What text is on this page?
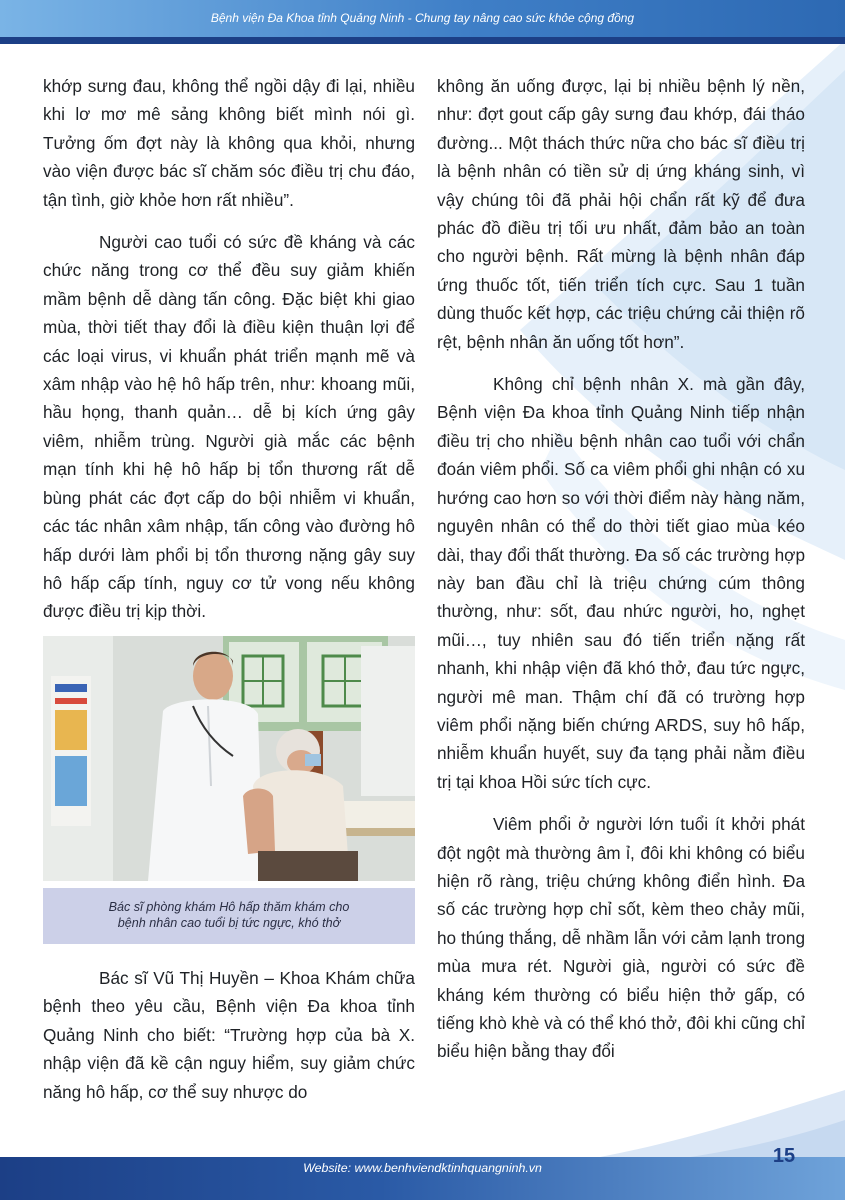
Bệnh viện Đa Khoa tỉnh Quảng Ninh - Chung tay nâng cao sức khỏe cộng đồng

khớp sưng đau, không thể ngồi dậy đi lại, nhiều khi lơ mơ mê sảng không biết mình nói gì. Tưởng ốm đợt này là không qua khỏi, nhưng vào viện được bác sĩ chăm sóc điều trị chu đáo, tận tình, giờ khỏe hơn rất nhiều”.

Người cao tuổi có sức đề kháng và các chức năng trong cơ thể đều suy giảm khiến mầm bệnh dễ dàng tấn công. Đặc biệt khi giao mùa, thời tiết thay đổi là điều kiện thuận lợi để các loại virus, vi khuẩn phát triển mạnh mẽ và xâm nhập vào hệ hô hấp trên, như: khoang mũi, hầu họng, thanh quản… dễ bị kích ứng gây viêm, nhiễm trùng. Người già mắc các bệnh mạn tính khi hệ hô hấp bị tổn thương rất dễ bùng phát các đợt cấp do bội nhiễm vi khuẩn, các tác nhân xâm nhập, tấn công vào đường hô hấp dưới làm phổi bị tổn thương nặng gây suy hô hấp cấp tính, nguy cơ tử vong nếu không được điều trị kịp thời.

Bác sĩ phòng khám Hô hấp thăm khám cho
bệnh nhân cao tuổi bị tức ngực, khó thở

Bác sĩ Vũ Thị Huyền – Khoa Khám chữa bệnh theo yêu cầu, Bệnh viện Đa khoa tỉnh Quảng Ninh cho biết: “Trường hợp của bà X. nhập viện đã kề cận nguy hiểm, suy giảm chức năng hô hấp, cơ thể suy nhược do

không ăn uống được, lại bị nhiều bệnh lý nền, như: đợt gout cấp gây sưng đau khớp, đái tháo đường... Một thách thức nữa cho bác sĩ điều trị là bệnh nhân có tiền sử dị ứng kháng sinh, vì vậy chúng tôi đã phải hội chẩn rất kỹ để đưa phác đồ điều trị tối ưu nhất, đảm bảo an toàn cho người bệnh. Rất mừng là bệnh nhân đáp ứng thuốc tốt, tiến triển tích cực. Sau 1 tuần dùng thuốc kết hợp, các triệu chứng cải thiện rõ rệt, bệnh nhân ăn uống tốt hơn”.

Không chỉ bệnh nhân X. mà gần đây, Bệnh viện Đa khoa tỉnh Quảng Ninh tiếp nhận điều trị cho nhiều bệnh nhân cao tuổi với chẩn đoán viêm phổi. Số ca viêm phổi ghi nhận có xu hướng cao hơn so với thời điểm này hàng năm, nguyên nhân có thể do thời tiết giao mùa kéo dài, thay đổi thất thường. Đa số các trường hợp này ban đầu chỉ là triệu chứng cúm thông thường, như: sốt, đau nhức người, ho, nghẹt mũi…, tuy nhiên sau đó tiến triển nặng rất nhanh, khi nhập viện đã khó thở, đau tức ngực, người mê man. Thậm chí đã có trường hợp viêm phổi nặng biến chứng ARDS, suy hô hấp, nhiễm khuẩn huyết, suy đa tạng phải nằm điều trị tại khoa Hồi sức tích cực.

Viêm phổi ở người lớn tuổi ít khởi phát đột ngột mà thường âm ỉ, đôi khi không có biểu hiện rõ ràng, triệu chứng không điển hình. Đa số các trường hợp chỉ sốt, kèm theo chảy mũi, ho thúng thắng, dễ nhầm lẫn với cảm lạnh trong mùa mưa rét. Người già, người có sức đề kháng kém thường có biểu hiện thở gấp, có tiếng khò khè và có thể khó thở, đôi khi cũng chỉ biểu hiện bằng thay đổi

Website: www.benhviendktinhquangninh.vn
15
